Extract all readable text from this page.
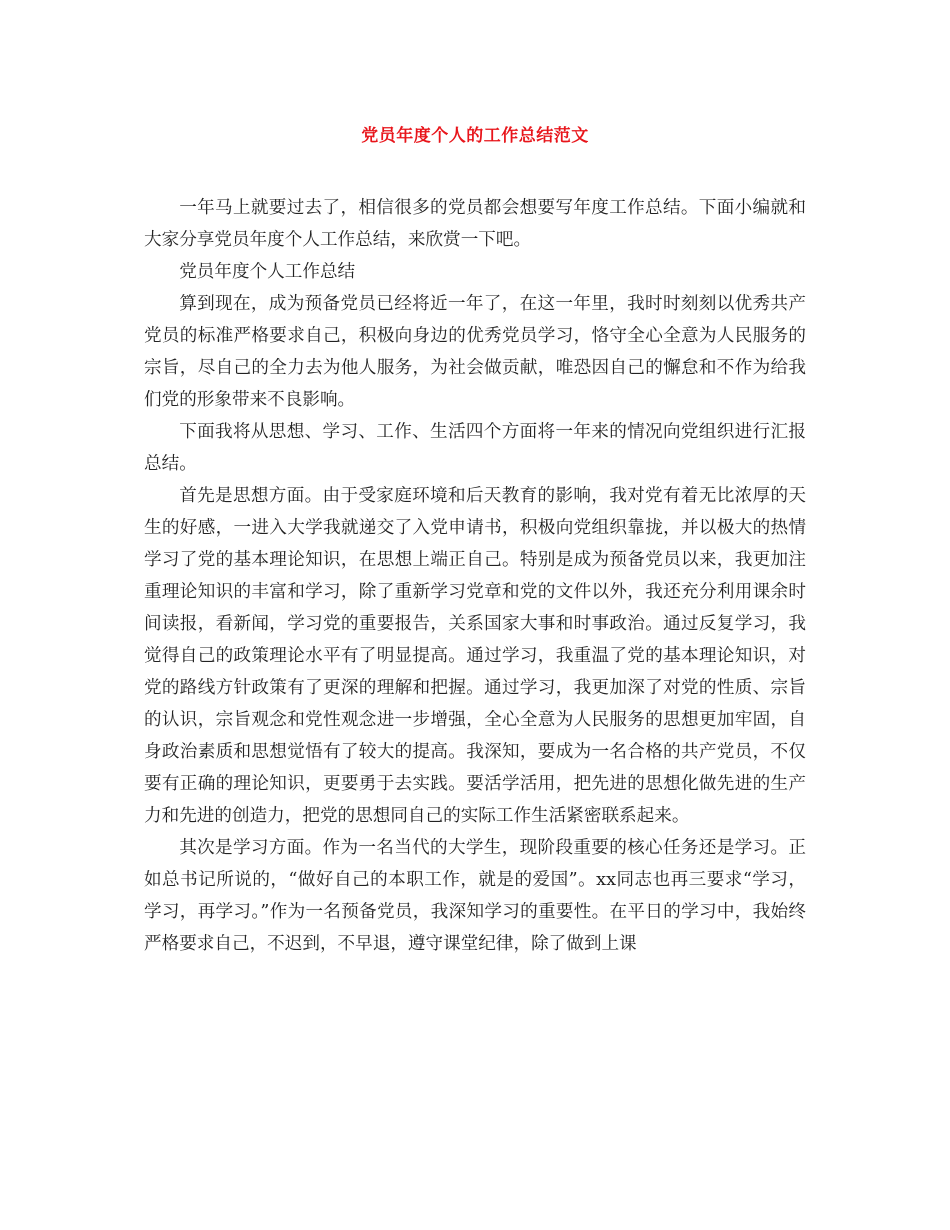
党员年度个人的工作总结范文

一年马上就要过去了，相信很多的党员都会想要写年度工作总结。下面小编就和大家分享党员年度个人工作总结，来欣赏一下吧。

党员年度个人工作总结

算到现在，成为预备党员已经将近一年了，在这一年里，我时时刻刻以优秀共产党员的标准严格要求自己，积极向身边的优秀党员学习，恪守全心全意为人民服务的宗旨，尽自己的全力去为他人服务，为社会做贡献，唯恐因自己的懈怠和不作为给我们党的形象带来不良影响。

下面我将从思想、学习、工作、生活四个方面将一年来的情况向党组织进行汇报总结。

首先是思想方面。由于受家庭环境和后天教育的影响，我对党有着无比浓厚的天生的好感，一进入大学我就递交了入党申请书，积极向党组织靠拢，并以极大的热情学习了党的基本理论知识，在思想上端正自己。特别是成为预备党员以来，我更加注重理论知识的丰富和学习，除了重新学习党章和党的文件以外，我还充分利用课余时间读报，看新闻，学习党的重要报告，关系国家大事和时事政治。通过反复学习，我觉得自己的政策理论水平有了明显提高。通过学习，我重温了党的基本理论知识，对党的路线方针政策有了更深的理解和把握。通过学习，我更加深了对党的性质、宗旨的认识，宗旨观念和党性观念进一步增强，全心全意为人民服务的思想更加牢固，自身政治素质和思想觉悟有了较大的提高。我深知，要成为一名合格的共产党员，不仅要有正确的理论知识，更要勇于去实践。要活学活用，把先进的思想化做先进的生产力和先进的创造力，把党的思想同自己的实际工作生活紧密联系起来。

其次是学习方面。作为一名当代的大学生，现阶段重要的核心任务还是学习。正如总书记所说的，“做好自己的本职工作，就是的爱国”。xx同志也再三要求“学习，学习，再学习。”作为一名预备党员，我深知学习的重要性。在平日的学习中，我始终严格要求自己，不迟到，不早退，遵守课堂纪律，除了做到上课
